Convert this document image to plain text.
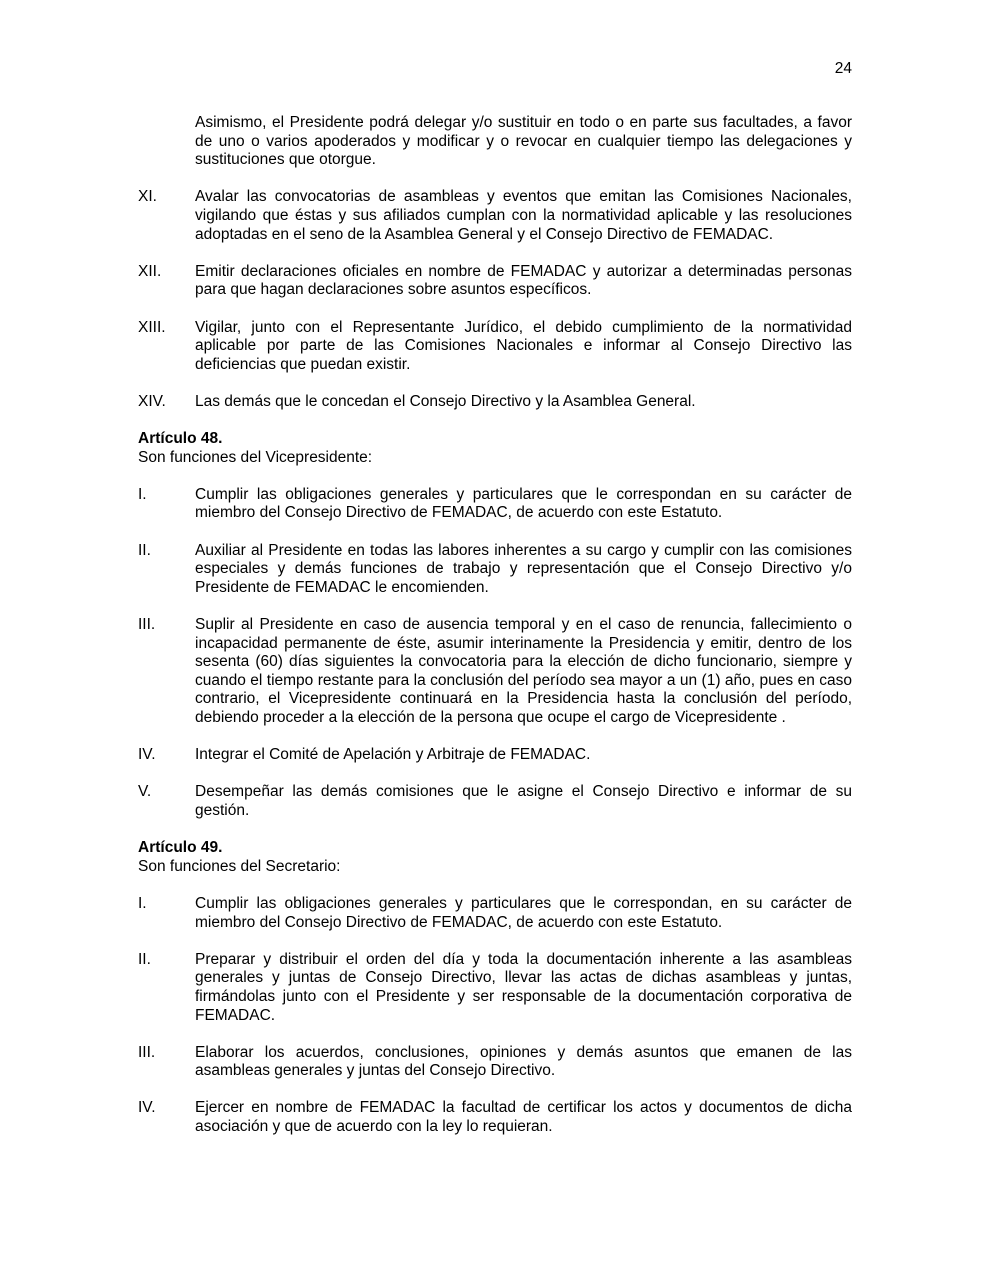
24

Asimismo, el Presidente podrá delegar y/o sustituir en todo o en parte sus facultades, a favor de uno o varios apoderados y modificar y o revocar en cualquier tiempo las delegaciones y sustituciones que otorgue.

XI.	Avalar las convocatorias de asambleas y eventos que emitan las Comisiones Nacionales, vigilando que éstas y sus afiliados cumplan con la normatividad aplicable y las resoluciones adoptadas en el seno de la Asamblea General y el Consejo Directivo de FEMADAC.
XII.	Emitir declaraciones oficiales en nombre de FEMADAC y autorizar a determinadas personas para que hagan declaraciones sobre asuntos específicos.
XIII.	Vigilar, junto con el Representante Jurídico, el debido cumplimiento de la normatividad aplicable por parte de las Comisiones Nacionales e informar al Consejo Directivo las deficiencias que puedan existir.
XIV.	Las demás que le concedan el Consejo Directivo y la Asamblea General.

Artículo 48.

Son funciones del Vicepresidente:

I.	Cumplir las obligaciones generales y particulares que le correspondan en su carácter de miembro del Consejo Directivo de FEMADAC, de acuerdo con este Estatuto.
II.	Auxiliar al Presidente en todas las labores inherentes a su cargo y cumplir con las comisiones especiales y demás funciones de trabajo y representación que el Consejo Directivo y/o Presidente de FEMADAC le encomienden.
III.	Suplir al Presidente en caso de ausencia temporal y en el caso de renuncia, fallecimiento o incapacidad permanente de éste, asumir interinamente la Presidencia y emitir, dentro de los sesenta (60) días siguientes la convocatoria para la elección de dicho funcionario, siempre y cuando el tiempo restante para la conclusión del período sea mayor a un (1) año, pues en caso contrario, el Vicepresidente continuará en la Presidencia hasta la conclusión del período, debiendo proceder a la elección de la persona que ocupe el cargo de Vicepresidente .
IV.	Integrar el Comité de Apelación y Arbitraje de FEMADAC.
V.	Desempeñar las demás comisiones que le asigne el Consejo Directivo e informar de su gestión.

Artículo 49.

Son funciones del Secretario:

I.	Cumplir las obligaciones generales y particulares que le correspondan, en su carácter de miembro del Consejo Directivo de FEMADAC, de acuerdo con este Estatuto.
II.	Preparar y distribuir el orden del día y toda la documentación inherente a las asambleas generales y juntas de Consejo Directivo, llevar las actas de dichas asambleas y juntas, firmándolas junto con el Presidente y ser responsable de la documentación corporativa de FEMADAC.
III.	Elaborar los acuerdos, conclusiones, opiniones y demás asuntos que emanen de las asambleas generales y juntas del Consejo Directivo.
IV.	Ejercer en nombre de FEMADAC la facultad de certificar los actos y documentos de dicha asociación y que de acuerdo con la ley lo requieran.
